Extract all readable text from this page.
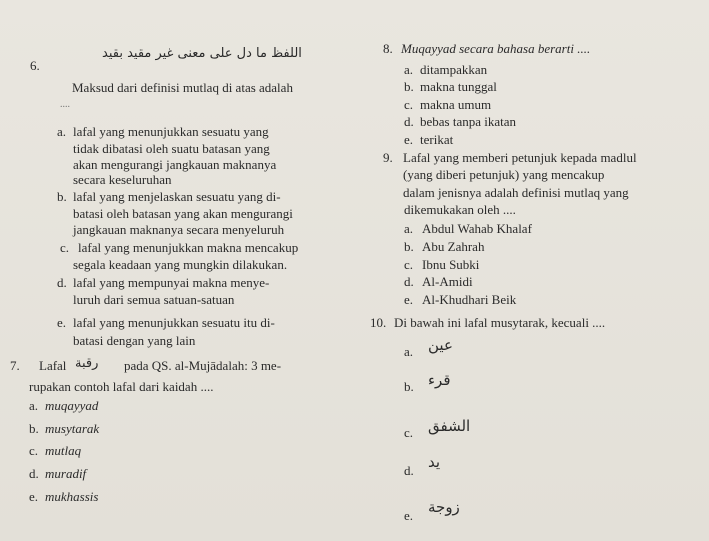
6.
اللفظ ما دل على معنى غير مقيد بقيد
Maksud dari definisi mutlaq di atas adalah
....
a. lafal yang menunjukkan sesuatu yang
tidak dibatasi oleh suatu batasan yang
akan mengurangi jangkauan maknanya
secara keseluruhan
b. lafal yang menjelaskan sesuatu yang di-
batasi oleh batasan yang akan mengurangi
jangkauan maknanya secara menyeluruh
c. lafal yang menunjukkan makna mencakup
segala keadaan yang mungkin dilakukan.
d. lafal yang mempunyai makna menye-
luruh dari semua satuan-satuan
e. lafal yang menunjukkan sesuatu itu di-
batasi dengan yang lain
7. Lafal رقبة pada QS. al-Mujādalah: 3 me-
rupakan contoh lafal dari kaidah ....
a. muqayyad
b. musytarak
c. mutlaq
d. muradif
e. mukhassis
8. Muqayyad secara bahasa berarti ....
a. ditampakkan
b. makna tunggal
c. makna umum
d. bebas tanpa ikatan
e. terikat
9. Lafal yang memberi petunjuk kepada madlul
(yang diberi petunjuk) yang mencakup
dalam jenisnya adalah definisi mutlaq yang
dikemukakan oleh ....
a. Abdul Wahab Khalaf
b. Abu Zahrah
c. Ibnu Subki
d. Al-Amidi
e. Al-Khudhari Beik
10. Di bawah ini lafal musytarak, kecuali ....
a. عين
b. قرء
c. الشفق
d. يد
e. زوجة
